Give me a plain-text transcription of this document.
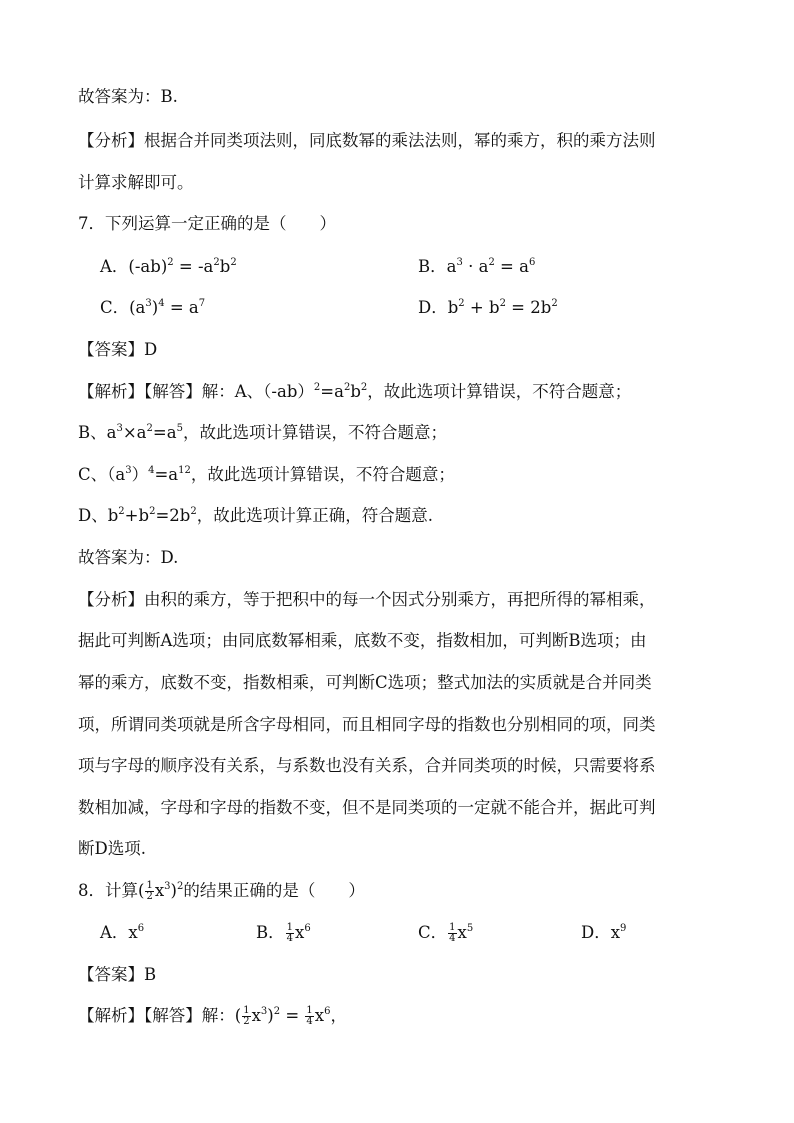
故答案为：B.
【分析】根据合并同类项法则，同底数幂的乘法法则，幂的乘方，积的乘方法则
计算求解即可。
7．下列运算一定正确的是（　　）
A．$(-ab)^2 = -a^2b^2$	B．$a^3 \cdot a^2 = a^6$
C．$(a^3)^4 = a^7$	D．$b^2 + b^2 = 2b^2$
【答案】D
【解析】【解答】解：A、$(-ab)^2=a^2b^2$，故此选项计算错误，不符合题意；
B、$a^3\times a^2=a^5$，故此选项计算错误，不符合题意；
C、$(a^3)^4=a^{12}$，故此选项计算错误，不符合题意；
D、$b^2+b^2=2b^2$，故此选项计算正确，符合题意.
故答案为：D.
【分析】由积的乘方，等于把积中的每一个因式分别乘方，再把所得的幂相乘，
据此可判断A选项；由同底数幂相乘，底数不变，指数相加，可判断B选项；由
幂的乘方，底数不变，指数相乘，可判断C选项；整式加法的实质就是合并同类
项，所谓同类项就是所含字母相同，而且相同字母的指数也分别相同的项，同类
项与字母的顺序没有关系，与系数也没有关系，合并同类项的时候，只需要将系
数相加减，字母和字母的指数不变，但不是同类项的一定就不能合并，据此可判
断D选项.
8．计算( $\frac{1}{2} x^3)^2$的结果正确的是（　　）
A．$x^6$	B． $\frac{1}{4} x^6$	C． $\frac{1}{4} x^5$	D．$x^9$
【答案】B
【解析】【解答】解：( $\frac{1}{2} x^3)^2 = \frac{1}{4} x^6$，
